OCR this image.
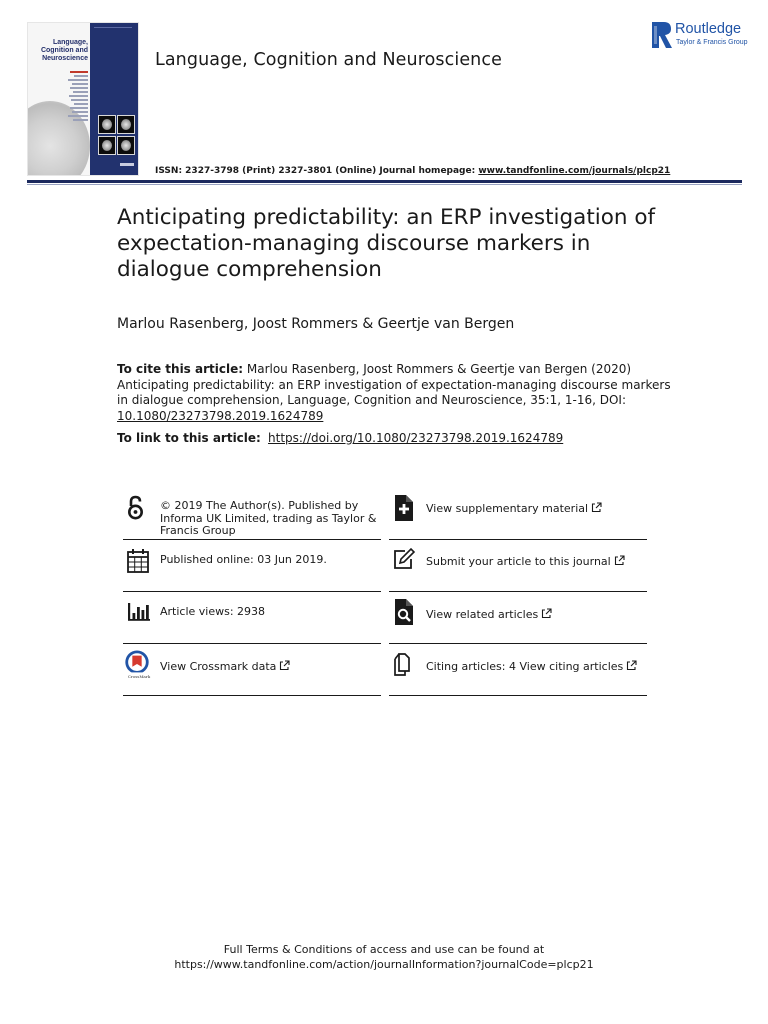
Language,
Cognition and
Neuroscience	Language, Cognition and Neuroscience
Routledge
Taylor & Francis Group
ISSN: 2327-3798 (Print) 2327-3801 (Online) Journal homepage: www.tandfonline.com/journals/plcp21
Anticipating predictability: an ERP investigation of expectation-managing discourse markers in dialogue comprehension
Marlou Rasenberg, Joost Rommers & Geertje van Bergen
To cite this article: Marlou Rasenberg, Joost Rommers & Geertje van Bergen (2020) Anticipating predictability: an ERP investigation of expectation-managing discourse markers in dialogue comprehension, Language, Cognition and Neuroscience, 35:1, 1-16, DOI: 10.1080/23273798.2019.1624789
To link to this article: https://doi.org/10.1080/23273798.2019.1624789
© 2019 The Author(s). Published by Informa UK Limited, trading as Taylor & Francis Group
Published online: 03 Jun 2019.
Article views: 2938
CrossMark
View Crossmark data
View supplementary material
Submit your article to this journal
View related articles
Citing articles: 4 View citing articles
Full Terms & Conditions of access and use can be found at
https://www.tandfonline.com/action/journalInformation?journalCode=plcp21
